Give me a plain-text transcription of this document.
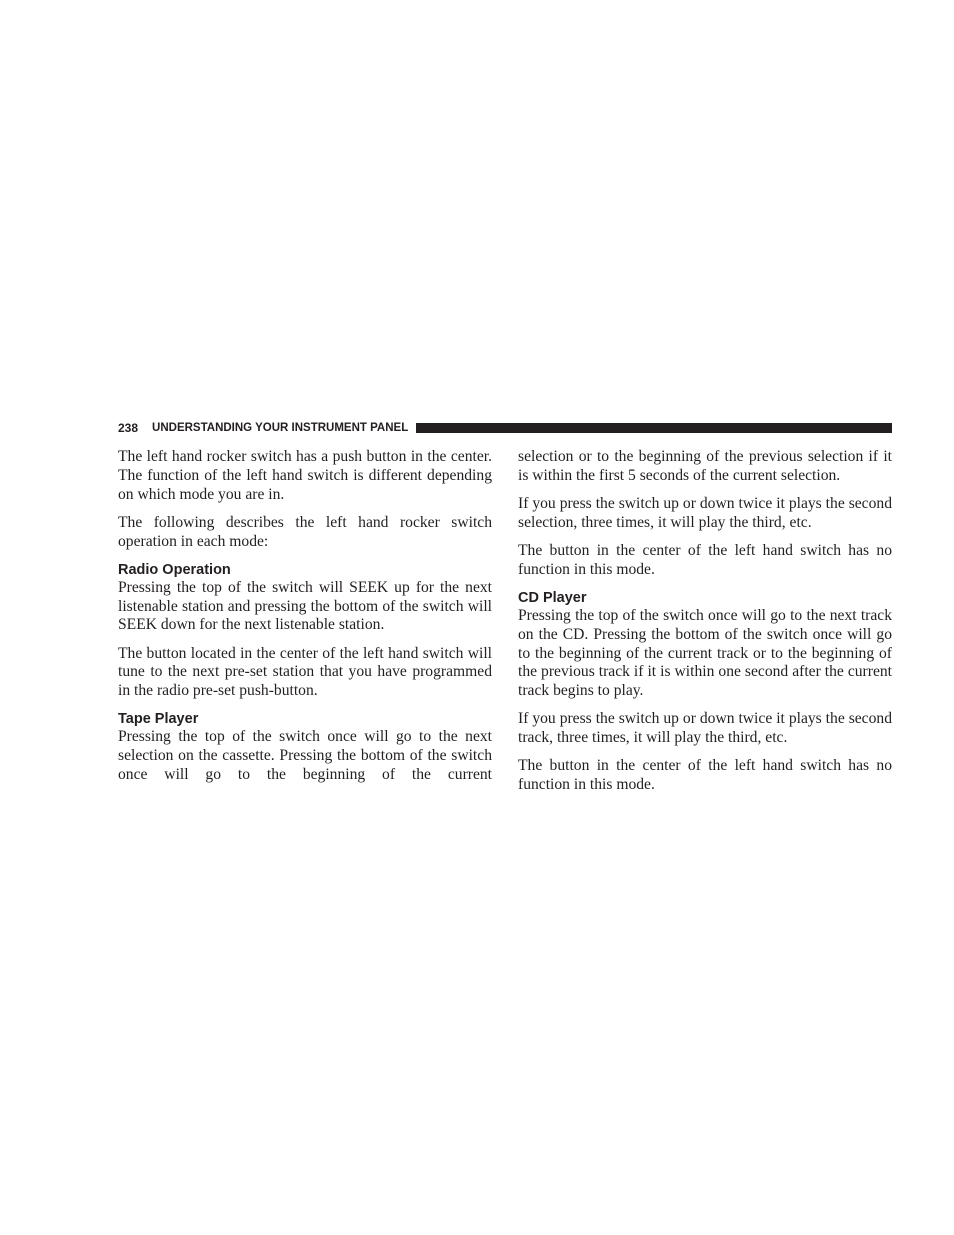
238 UNDERSTANDING YOUR INSTRUMENT PANEL

The left hand rocker switch has a push button in the center. The function of the left hand switch is different depending on which mode you are in.

The following describes the left hand rocker switch operation in each mode:

Radio Operation

Pressing the top of the switch will SEEK up for the next listenable station and pressing the bottom of the switch will SEEK down for the next listenable station.

The button located in the center of the left hand switch will tune to the next pre-set station that you have programmed in the radio pre-set push-button.

Tape Player

Pressing the top of the switch once will go to the next selection on the cassette. Pressing the bottom of the switch once will go to the beginning of the current

selection or to the beginning of the previous selection if it is within the first 5 seconds of the current selection.

If you press the switch up or down twice it plays the second selection, three times, it will play the third, etc.

The button in the center of the left hand switch has no function in this mode.

CD Player

Pressing the top of the switch once will go to the next track on the CD. Pressing the bottom of the switch once will go to the beginning of the current track or to the beginning of the previous track if it is within one second after the current track begins to play.

If you press the switch up or down twice it plays the second track, three times, it will play the third, etc.

The button in the center of the left hand switch has no function in this mode.
